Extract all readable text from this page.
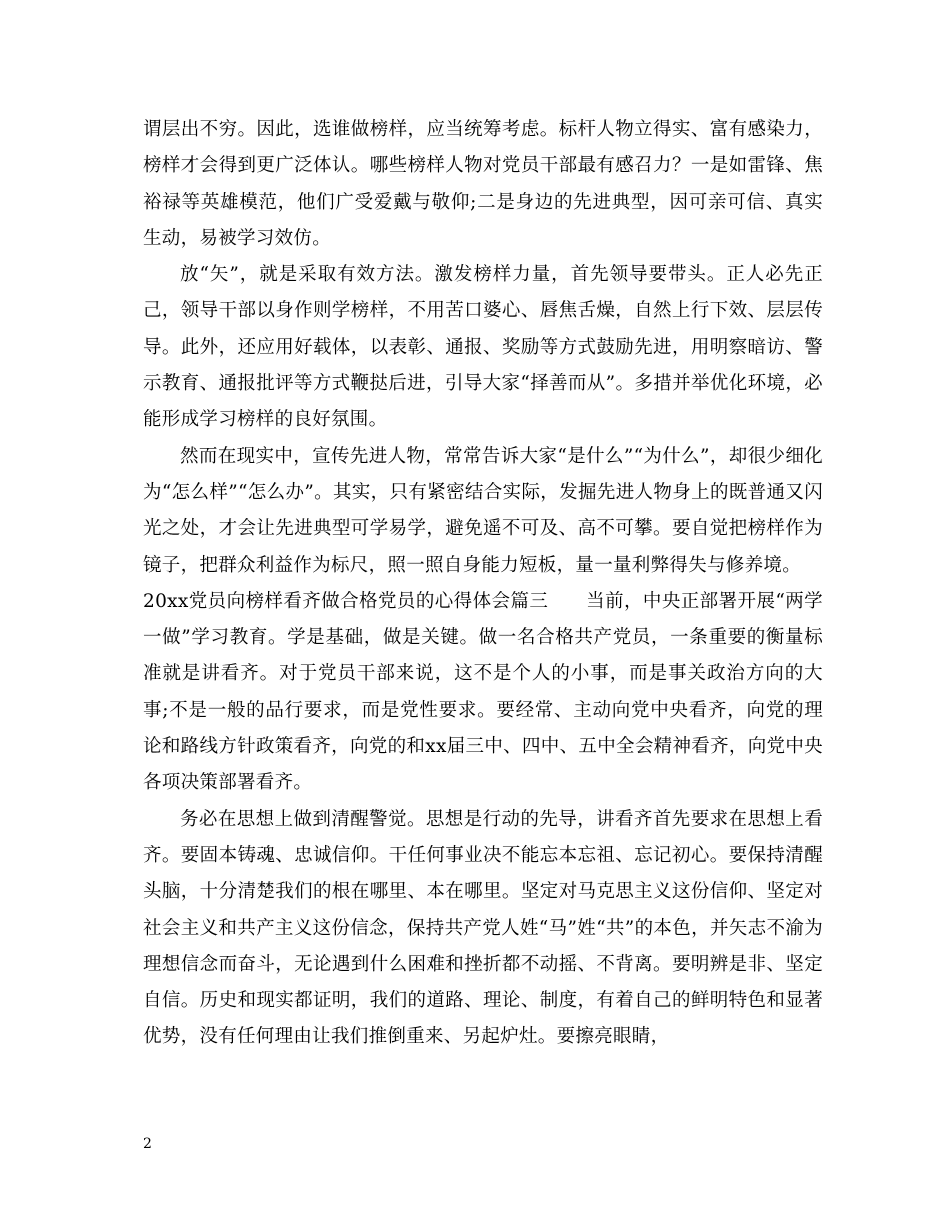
谓层出不穷。因此，选谁做榜样，应当统筹考虑。标杆人物立得实、富有感染力，榜样才会得到更广泛体认。哪些榜样人物对党员干部最有感召力？一是如雷锋、焦裕禄等英雄模范，他们广受爱戴与敬仰;二是身边的先进典型，因可亲可信、真实生动，易被学习效仿。

放“矢”，就是采取有效方法。激发榜样力量，首先领导要带头。正人必先正己，领导干部以身作则学榜样，不用苦口婆心、唇焦舌燥，自然上行下效、层层传导。此外，还应用好载体，以表彰、通报、奖励等方式鼓励先进，用明察暗访、警示教育、通报批评等方式鞭挞后进，引导大家“择善而从”。多措并举优化环境，必能形成学习榜样的良好氛围。

然而在现实中，宣传先进人物，常常告诉大家“是什么”“为什么”，却很少细化为“怎么样”“怎么办”。其实，只有紧密结合实际，发掘先进人物身上的既普通又闪光之处，才会让先进典型可学易学，避免遥不可及、高不可攀。要自觉把榜样作为镜子，把群众利益作为标尺，照一照自身能力短板，量一量利弊得失与修养境。

20xx党员向榜样看齐做合格党员的心得体会篇三　　当前，中央正部署开展“两学一做”学习教育。学是基础，做是关键。做一名合格共产党员，一条重要的衡量标准就是讲看齐。对于党员干部来说，这不是个人的小事，而是事关政治方向的大事;不是一般的品行要求，而是党性要求。要经常、主动向党中央看齐，向党的理论和路线方针政策看齐，向党的和xx届三中、四中、五中全会精神看齐，向党中央各项决策部署看齐。

务必在思想上做到清醒警觉。思想是行动的先导，讲看齐首先要求在思想上看齐。要固本铸魂、忠诚信仰。干任何事业决不能忘本忘祖、忘记初心。要保持清醒头脑，十分清楚我们的根在哪里、本在哪里。坚定对马克思主义这份信仰、坚定对社会主义和共产主义这份信念，保持共产党人姓“马”姓“共”的本色，并矢志不渝为理想信念而奋斗，无论遇到什么困难和挫折都不动摇、不背离。要明辨是非、坚定自信。历史和现实都证明，我们的道路、理论、制度，有着自己的鲜明特色和显著优势，没有任何理由让我们推倒重来、另起炉灶。要擦亮眼睛，

2
